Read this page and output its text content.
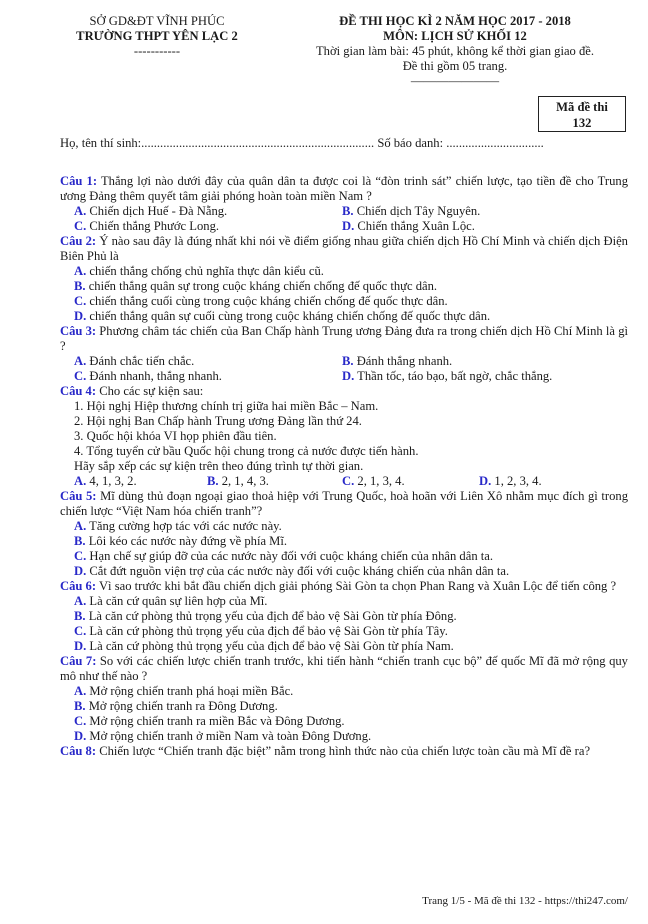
SỞ GD&ĐT VĨNH PHÚC
TRƯỜNG THPT YÊN LẠC 2
-----------
ĐỀ THI HỌC KÌ 2 NĂM HỌC 2017 - 2018
MÔN: LỊCH SỬ KHỐI 12
Thời gian làm bài: 45 phút, không kể thời gian giao đề.
Đề thi gồm 05 trang.
———————
Mã đề thi
132
Họ, tên thí sinh:.......................................................................... Số báo danh: ...............................
Câu 1: Thắng lợi nào dưới đây của quân dân ta được coi là “đòn trinh sát” chiến lược, tạo tiền đề cho Trung ương Đảng thêm quyết tâm giải phóng hoàn toàn miền Nam ?
A. Chiến dịch Huế - Đà Nẵng.	B. Chiến dịch Tây Nguyên.
C. Chiến thắng Phước Long.	D. Chiến thắng Xuân Lộc.
Câu 2: Ý nào sau đây là đúng nhất khi nói về điểm giống nhau giữa chiến dịch Hồ Chí Minh và chiến dịch Điện Biên Phủ là
A. chiến thắng chống chủ nghĩa thực dân kiểu cũ.
B. chiến thắng quân sự trong cuộc kháng chiến chống đế quốc thực dân.
C. chiến thắng cuối cùng trong cuộc kháng chiến chống đế quốc thực dân.
D. chiến thắng quân sự cuối cùng trong cuộc kháng chiến chống đế quốc thực dân.
Câu 3: Phương châm tác chiến của Ban Chấp hành Trung ương Đảng đưa ra trong chiến dịch Hồ Chí Minh là gì ?
A. Đánh chắc tiến chắc.	B. Đánh thắng nhanh.
C. Đánh nhanh, thắng nhanh.	D. Thần tốc, táo bạo, bất ngờ, chắc thắng.
Câu 4: Cho các sự kiện sau:
1. Hội nghị Hiệp thương chính trị giữa hai miền Bắc – Nam.
2. Hội nghị Ban Chấp hành Trung ương Đảng lần thứ 24.
3. Quốc hội khóa VI họp phiên đầu tiên.
4. Tổng tuyển cử bầu Quốc hội chung trong cả nước được tiến hành.
Hãy sắp xếp các sự kiện trên theo đúng trình tự thời gian.
A. 4, 1, 3, 2.	B. 2, 1, 4, 3.	C. 2, 1, 3, 4.	D. 1, 2, 3, 4.
Câu 5: Mĩ dùng thủ đoạn ngoại giao thoả hiệp với Trung Quốc, hoà hoãn với Liên Xô nhằm mục đích gì trong chiến lược “Việt Nam hóa chiến tranh”?
A. Tăng cường hợp tác với các nước này.
B. Lôi kéo các nước này đứng về phía Mĩ.
C. Hạn chế sự giúp đỡ của các nước này đối với cuộc kháng chiến của nhân dân ta.
D. Cắt đứt nguồn viện trợ của các nước này đối với cuộc kháng chiến của nhân dân ta.
Câu 6: Vì sao trước khi bắt đầu chiến dịch giải phóng Sài Gòn ta chọn Phan Rang và Xuân Lộc để tiến công ?
A. Là căn cứ quân sự liên hợp của Mĩ.
B. Là căn cứ phòng thủ trọng yếu của địch để bảo vệ Sài Gòn từ phía Đông.
C. Là căn cứ phòng thủ trọng yếu của địch để bảo vệ Sài Gòn từ phía Tây.
D. Là căn cứ phòng thủ trọng yếu của địch để bảo vệ Sài Gòn từ phía Nam.
Câu 7: So với các chiến lược chiến tranh trước, khi tiến hành “chiến tranh cục bộ” đế quốc Mĩ đã mở rộng quy mô như thế nào ?
A. Mở rộng chiến tranh phá hoại miền Bắc.
B. Mở rộng chiến tranh ra Đông Dương.
C. Mở rộng chiến tranh ra miền Bắc và Đông Dương.
D. Mở rộng chiến tranh ở miền Nam và toàn Đông Dương.
Câu 8: Chiến lược “Chiến tranh đặc biệt” nằm trong hình thức nào của chiến lược toàn cầu mà Mĩ đề ra?
Trang 1/5 - Mã đề thi 132 - https://thi247.com/
